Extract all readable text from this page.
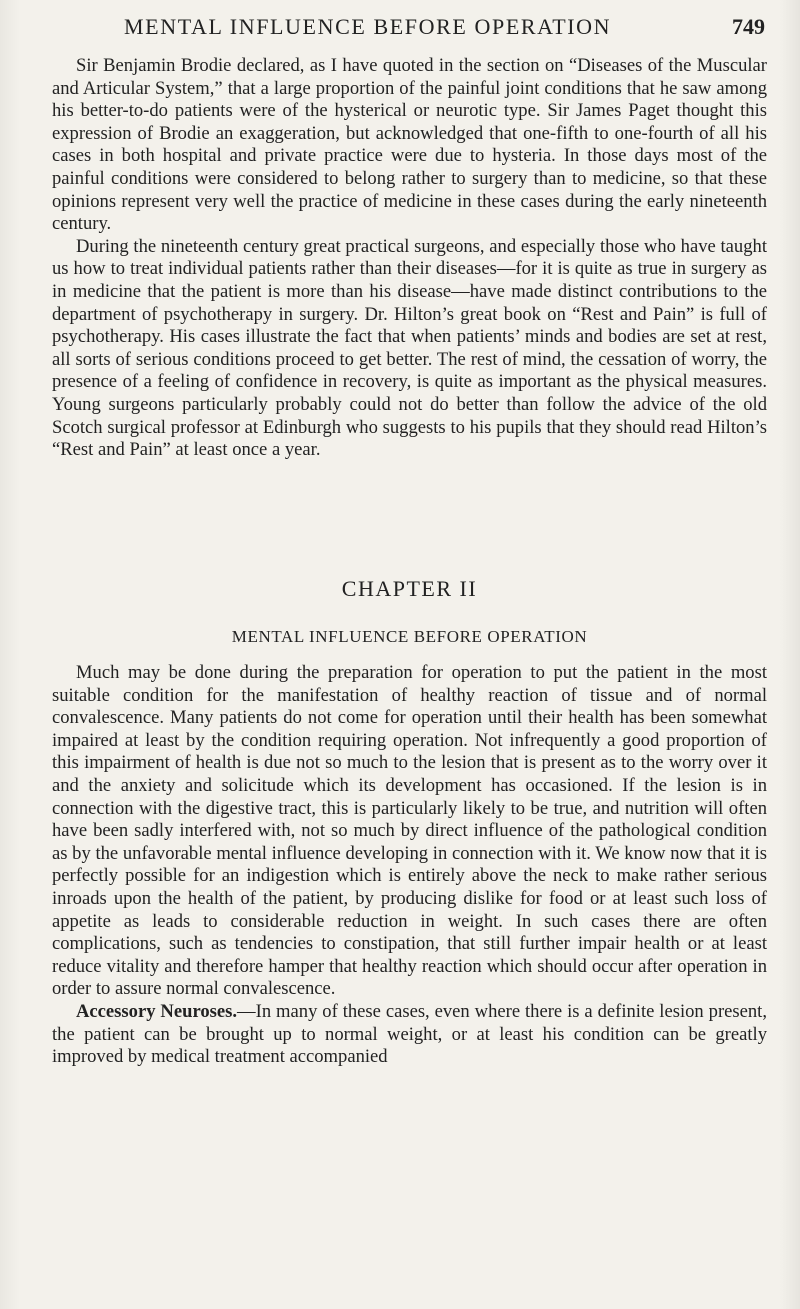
MENTAL INFLUENCE BEFORE OPERATION	749

Sir Benjamin Brodie declared, as I have quoted in the section on “Diseases of the Muscular and Articular System,” that a large proportion of the painful joint conditions that he saw among his better-to-do patients were of the hysterical or neurotic type. Sir James Paget thought this expression of Brodie an exaggeration, but acknowledged that one-fifth to one-fourth of all his cases in both hospital and private practice were due to hysteria. In those days most of the painful conditions were considered to belong rather to surgery than to medicine, so that these opinions represent very well the practice of medicine in these cases during the early nineteenth century.

During the nineteenth century great practical surgeons, and especially those who have taught us how to treat individual patients rather than their diseases—for it is quite as true in surgery as in medicine that the patient is more than his disease—have made distinct contributions to the department of psychotherapy in surgery. Dr. Hilton’s great book on “Rest and Pain” is full of psychotherapy. His cases illustrate the fact that when patients’ minds and bodies are set at rest, all sorts of serious conditions proceed to get better. The rest of mind, the cessation of worry, the presence of a feeling of confidence in recovery, is quite as important as the physical measures. Young surgeons particularly probably could not do better than follow the advice of the old Scotch surgical professor at Edinburgh who suggests to his pupils that they should read Hilton’s “Rest and Pain” at least once a year.

CHAPTER II
MENTAL INFLUENCE BEFORE OPERATION

Much may be done during the preparation for operation to put the patient in the most suitable condition for the manifestation of healthy reaction of tissue and of normal convalescence. Many patients do not come for operation until their health has been somewhat impaired at least by the condition requiring operation. Not infrequently a good proportion of this impairment of health is due not so much to the lesion that is present as to the worry over it and the anxiety and solicitude which its development has occasioned. If the lesion is in connection with the digestive tract, this is particularly likely to be true, and nutrition will often have been sadly interfered with, not so much by direct influence of the pathological condition as by the unfavorable mental influence developing in connection with it. We know now that it is perfectly possible for an indigestion which is entirely above the neck to make rather serious inroads upon the health of the patient, by producing dislike for food or at least such loss of appetite as leads to considerable reduction in weight. In such cases there are often complications, such as tendencies to constipation, that still further impair health or at least reduce vitality and therefore hamper that healthy reaction which should occur after operation in order to assure normal convalescence.

Accessory Neuroses.—In many of these cases, even where there is a definite lesion present, the patient can be brought up to normal weight, or at least his condition can be greatly improved by medical treatment accompanied
